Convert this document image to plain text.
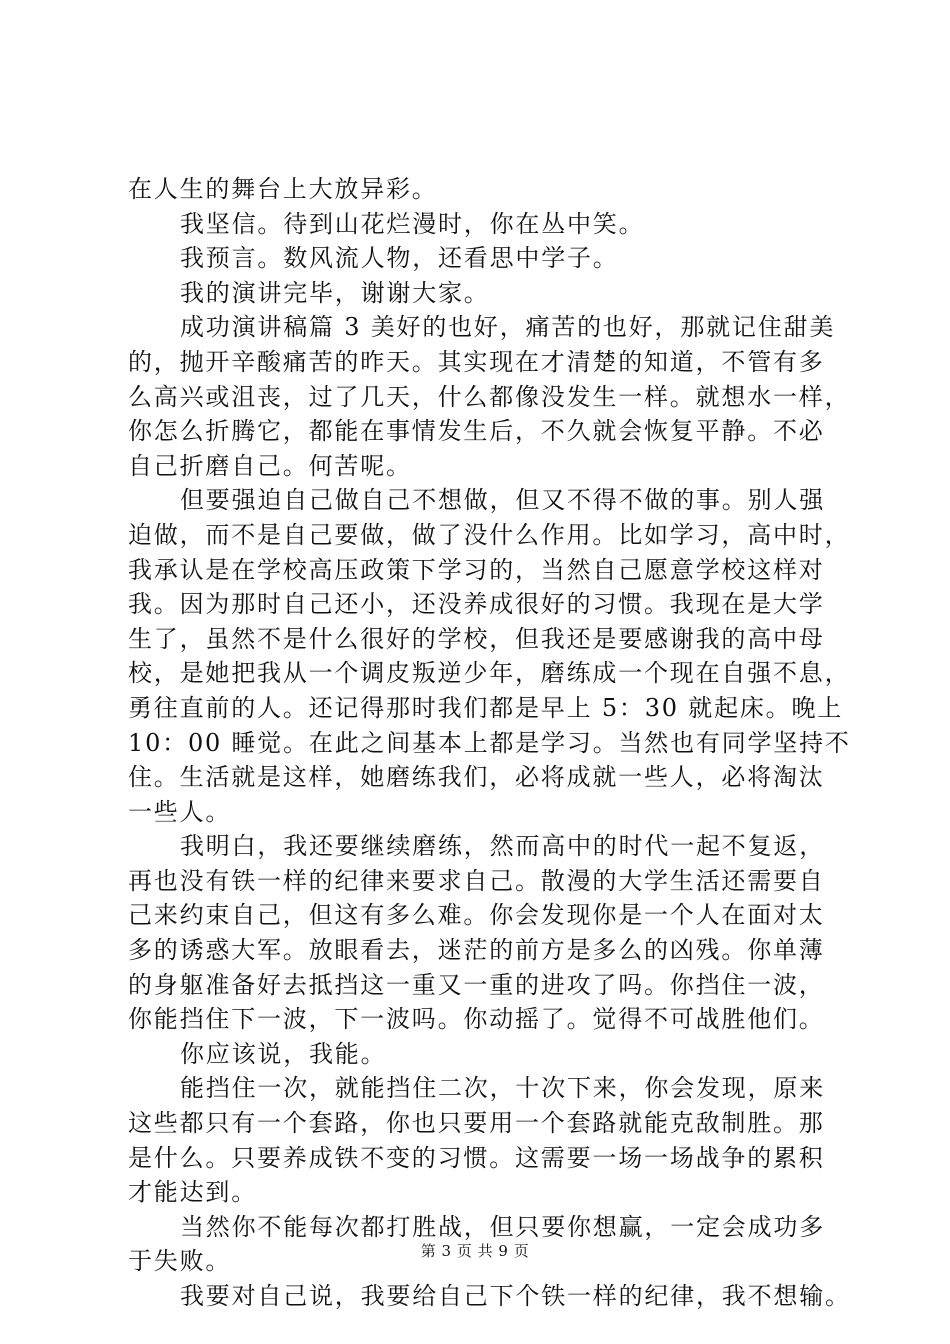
在人生的舞台上大放异彩。
我坚信。待到山花烂漫时，你在丛中笑。
我预言。数风流人物，还看思中学子。
我的演讲完毕，谢谢大家。
成功演讲稿篇 3 美好的也好，痛苦的也好，那就记住甜美
的，抛开辛酸痛苦的昨天。其实现在才清楚的知道，不管有多
么高兴或沮丧，过了几天，什么都像没发生一样。就想水一样，
你怎么折腾它，都能在事情发生后，不久就会恢复平静。不必
自己折磨自己。何苦呢。
但要强迫自己做自己不想做，但又不得不做的事。别人强
迫做，而不是自己要做，做了没什么作用。比如学习，高中时，
我承认是在学校高压政策下学习的，当然自己愿意学校这样对
我。因为那时自己还小，还没养成很好的习惯。我现在是大学
生了，虽然不是什么很好的学校，但我还是要感谢我的高中母
校，是她把我从一个调皮叛逆少年，磨练成一个现在自强不息，
勇往直前的人。还记得那时我们都是早上 5：30 就起床。晚上
10：00 睡觉。在此之间基本上都是学习。当然也有同学坚持不
住。生活就是这样，她磨练我们，必将成就一些人，必将淘汰
一些人。
我明白，我还要继续磨练，然而高中的时代一起不复返，
再也没有铁一样的纪律来要求自己。散漫的大学生活还需要自
己来约束自己，但这有多么难。你会发现你是一个人在面对太
多的诱惑大军。放眼看去，迷茫的前方是多么的凶残。你单薄
的身躯准备好去抵挡这一重又一重的进攻了吗。你挡住一波，
你能挡住下一波，下一波吗。你动摇了。觉得不可战胜他们。
你应该说，我能。
能挡住一次，就能挡住二次，十次下来，你会发现，原来
这些都只有一个套路，你也只要用一个套路就能克敌制胜。那
是什么。只要养成铁不变的习惯。这需要一场一场战争的累积
才能达到。
当然你不能每次都打胜战，但只要你想赢，一定会成功多
于失败。
我要对自己说，我要给自己下个铁一样的纪律，我不想输。
第 3 页 共 9 页
